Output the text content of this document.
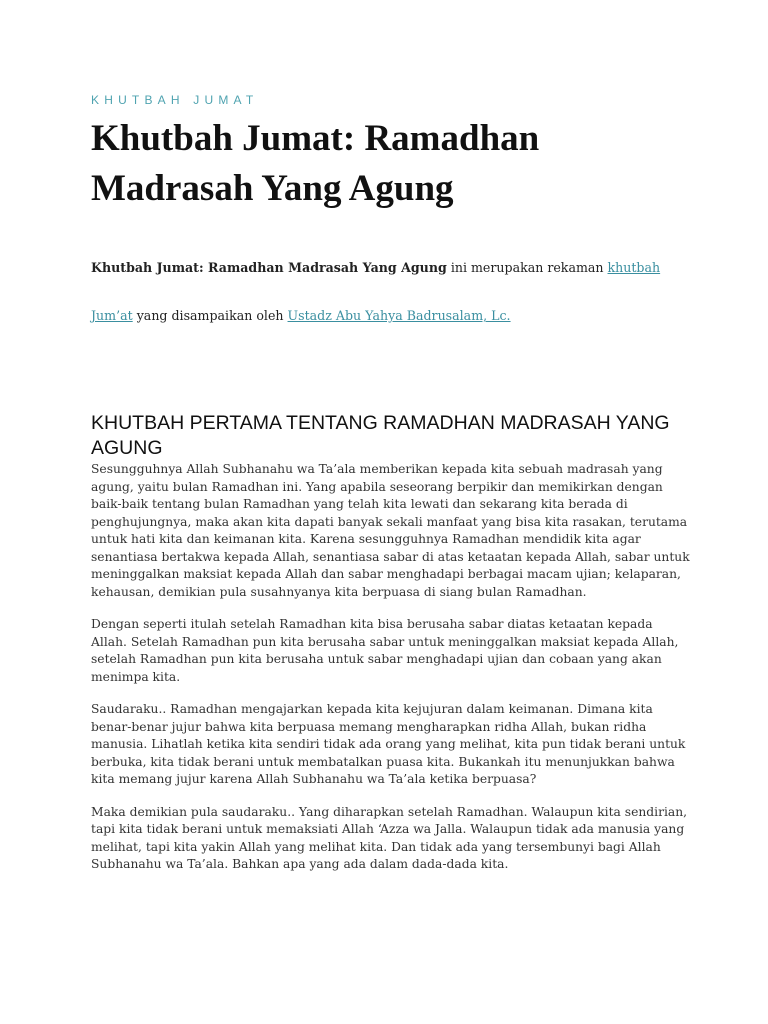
KHUTBAH JUMAT
Khutbah Jumat: Ramadhan Madrasah Yang Agung
Khutbah Jumat: Ramadhan Madrasah Yang Agung ini merupakan rekaman khutbah
Jum’at yang disampaikan oleh Ustadz Abu Yahya Badrusalam, Lc.
KHUTBAH PERTAMA TENTANG RAMADHAN MADRASAH YANG AGUNG

Sesungguhnya Allah Subhanahu wa Ta’ala memberikan kepada kita sebuah madrasah yang agung, yaitu bulan Ramadhan ini. Yang apabila seseorang berpikir dan memikirkan dengan baik-baik tentang bulan Ramadhan yang telah kita lewati dan sekarang kita berada di penghujungnya, maka akan kita dapati banyak sekali manfaat yang bisa kita rasakan, terutama untuk hati kita dan keimanan kita. Karena sesungguhnya Ramadhan mendidik kita agar senantiasa bertakwa kepada Allah, senantiasa sabar di atas ketaatan kepada Allah, sabar untuk meninggalkan maksiat kepada Allah dan sabar menghadapi berbagai macam ujian; kelaparan, kehausan, demikian pula susahnyanya kita berpuasa di siang bulan Ramadhan.

Dengan seperti itulah setelah Ramadhan kita bisa berusaha sabar diatas ketaatan kepada Allah. Setelah Ramadhan pun kita berusaha sabar untuk meninggalkan maksiat kepada Allah, setelah Ramadhan pun kita berusaha untuk sabar menghadapi ujian dan cobaan yang akan menimpa kita.

Saudaraku.. Ramadhan mengajarkan kepada kita kejujuran dalam keimanan. Dimana kita benar-benar jujur bahwa kita berpuasa memang mengharapkan ridha Allah, bukan ridha manusia. Lihatlah ketika kita sendiri tidak ada orang yang melihat, kita pun tidak berani untuk berbuka, kita tidak berani untuk membatalkan puasa kita. Bukankah itu menunjukkan bahwa kita memang jujur karena Allah Subhanahu wa Ta’ala ketika berpuasa?

Maka demikian pula saudaraku.. Yang diharapkan setelah Ramadhan. Walaupun kita sendirian, tapi kita tidak berani untuk memaksiati Allah ‘Azza wa Jalla. Walaupun tidak ada manusia yang melihat, tapi kita yakin Allah yang melihat kita. Dan tidak ada yang tersembunyi bagi Allah Subhanahu wa Ta’ala. Bahkan apa yang ada dalam dada-dada kita.
